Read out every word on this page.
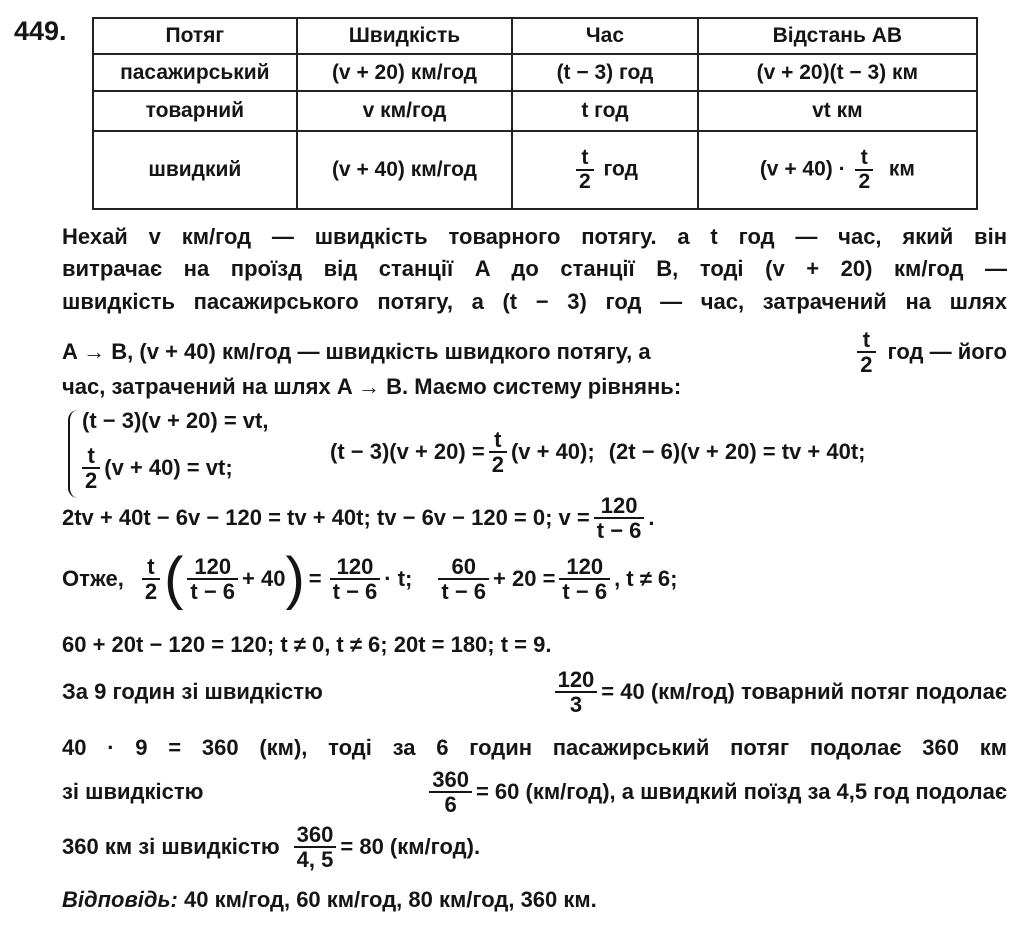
449.	Потяг	Швидкість	Час	Відстань AB
пасажирський	(v + 20) км/год	(t − 3) год	(v + 20)(t − 3) км
товарний	v км/год	t год	vt км
швидкий	(v + 40) км/год	$\frac{t}{2}$ год	$(v + 40) \cdot \frac{t}{2}$ км
Нехай v км/год — швидкість товарного потягу. а t год — час, який він
витрачає на проїзд від станції A до станції B, тоді (v + 20) км/год —
швидкість пасажирського потягу, а (t − 3) год — час, затрачений на шлях
A → B, (v + 40) км/год — швидкість швидкого потягу, а	$\frac{t}{2}$ год — його
час, затрачений на шлях A → B. Маємо систему рівнянь:
(t − 3)(v + 20) = vt,
$\frac{t}{2} (v + 40)$ = vt;
$(t - 3)(v + 20) = \frac{t}{2} (v + 40)$; (2t − 6)(v + 20) = tv + 40t;
2tv + 40t − 6v − 120 = tv + 40t; tv − 6v − 120 = 0; $v = \frac{120}{t - 6}$ .
Отже, $\frac{t}{2}$ ( $\frac{120}{t - 6} + 40$ ) = $\frac{120}{t - 6} \cdot t$; $\frac{60}{t - 6} + 20 = \frac{120}{t - 6}$ , t ≠ 6;
60 + 20t − 120 = 120; t ≠ 0, t ≠ 6; 20t = 180; t = 9.
За 9 годин зі швидкістю	$\frac{120}{3} = 40$ (км/год) товарний потяг подолає
40 · 9 = 360 (км), тоді за 6 годин пасажирський потяг подолає 360 км
зі швидкістю	$\frac{360}{6} = 60$ (км/год), а швидкий поїзд за 4,5 год подолає
360 км зі швидкістю $\frac{360}{4, 5} = 80$ (км/год).
Відповідь: 40 км/год, 60 км/год, 80 км/год, 360 км.
